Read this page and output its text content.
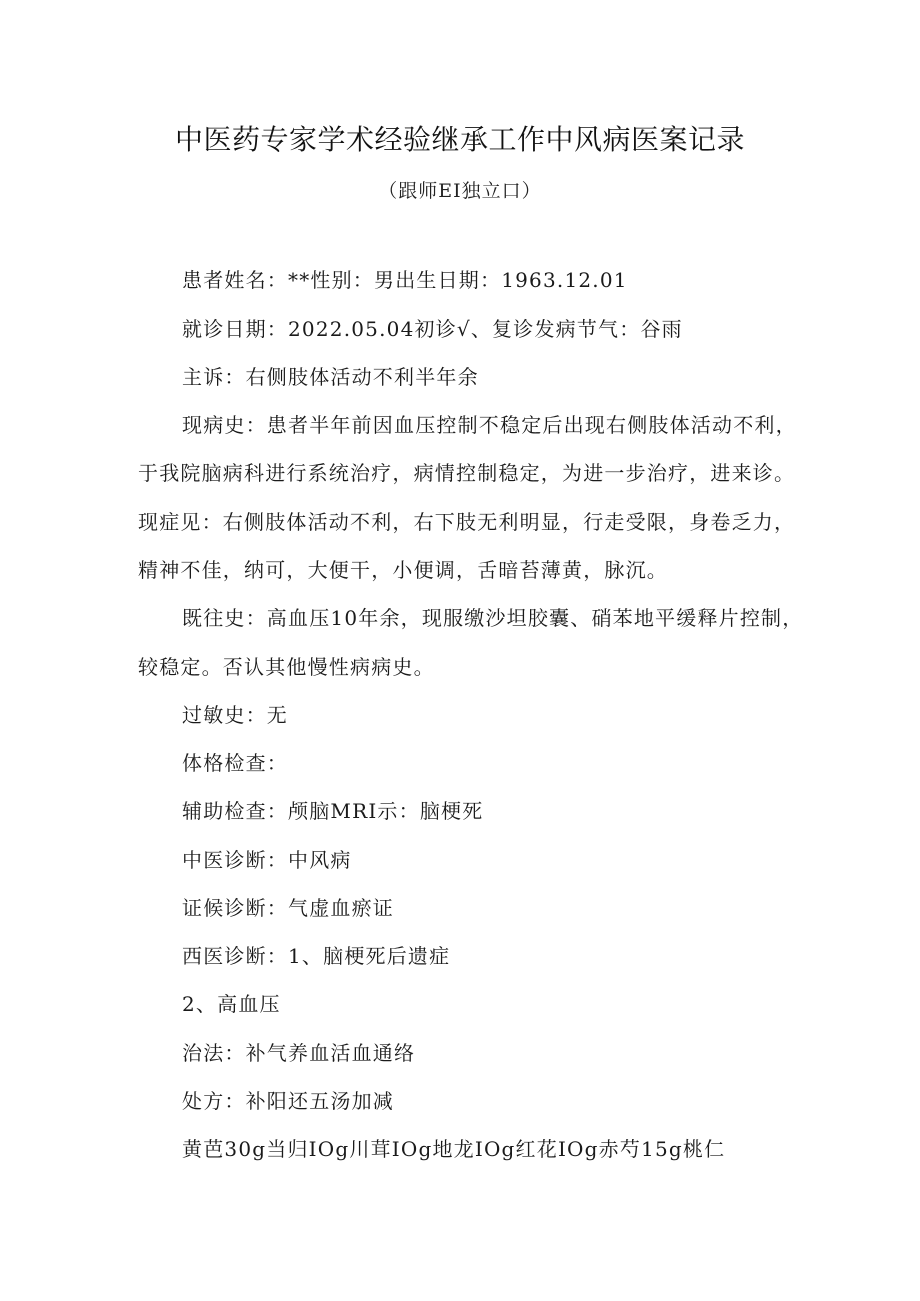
中医药专家学术经验继承工作中风病医案记录
（跟师EI独立口）
患者姓名：**性别：男出生日期：1963.12.01
就诊日期：2022.05.04初诊√、复诊发病节气：谷雨
主诉：右侧肢体活动不利半年余
现病史：患者半年前因血压控制不稳定后出现右侧肢体活动不利，
于我院脑病科进行系统治疗，病情控制稳定，为进一步治疗，进来诊。
现症见：右侧肢体活动不利，右下肢无利明显，行走受限，身卷乏力，
精神不佳，纳可，大便干，小便调，舌暗苔薄黄，脉沉。
既往史：高血压10年余，现服缴沙坦胶囊、硝苯地平缓释片控制，
较稳定。否认其他慢性病病史。
过敏史：无
体格检查：
辅助检查：颅脑MRI示：脑梗死
中医诊断：中风病
证候诊断：气虚血瘀证
西医诊断：1、脑梗死后遗症
2、高血压
治法：补气养血活血通络
处方：补阳还五汤加减
黄芭30g当归IOg川茸IOg地龙IOg红花IOg赤芍15g桃仁
